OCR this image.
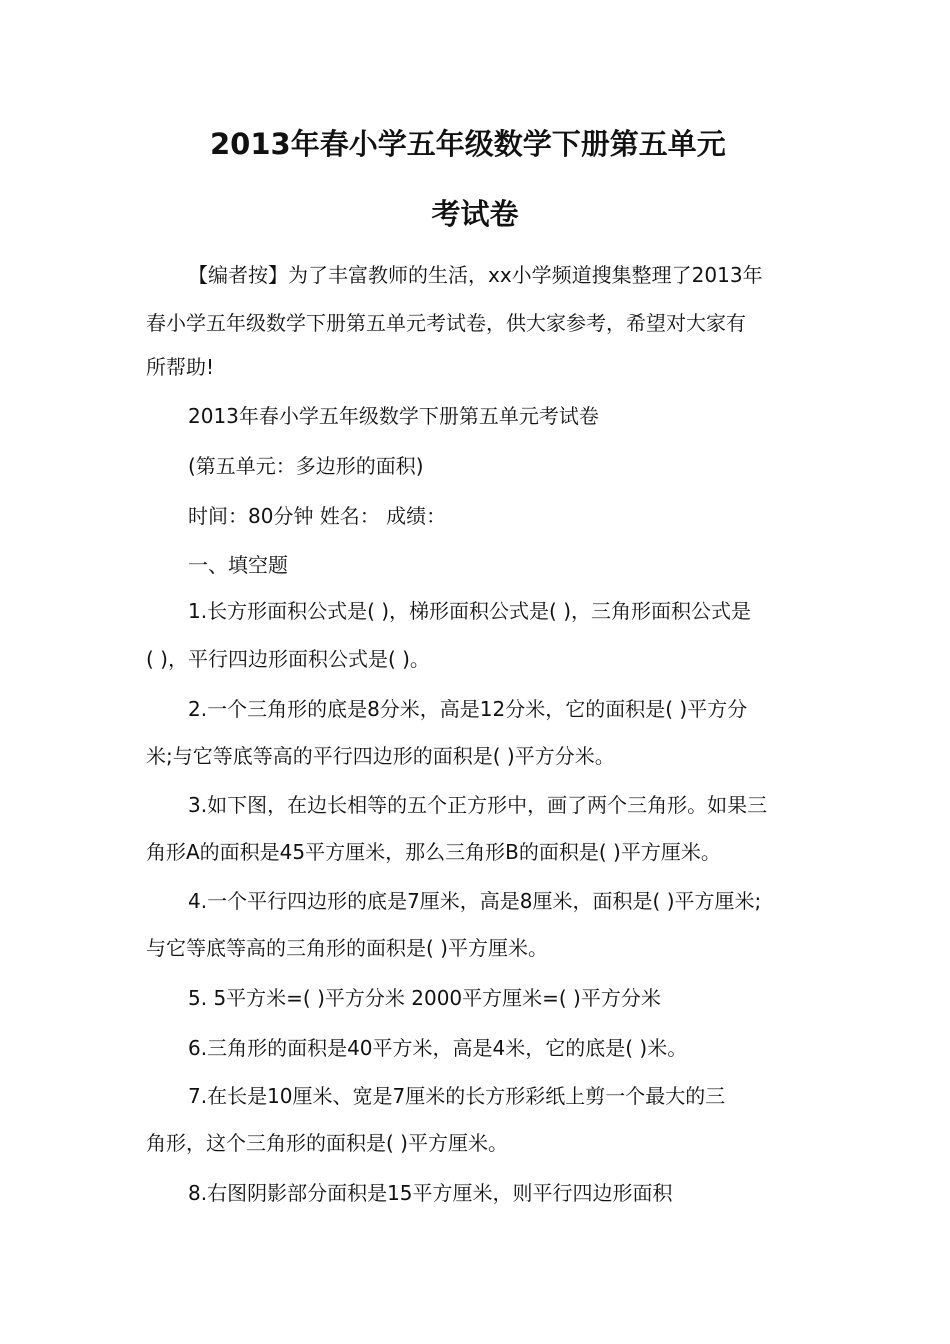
2013年春小学五年级数学下册第五单元
考试卷
【编者按】为了丰富教师的生活，xx小学频道搜集整理了2013年
春小学五年级数学下册第五单元考试卷，供大家参考，希望对大家有
所帮助!
2013年春小学五年级数学下册第五单元考试卷
(第五单元：多边形的面积)
时间：80分钟 姓名： 成绩：
一、填空题
1.长方形面积公式是( )，梯形面积公式是( )，三角形面积公式是
( )，平行四边形面积公式是( )。
2.一个三角形的底是8分米，高是12分米，它的面积是( )平方分
米;与它等底等高的平行四边形的面积是( )平方分米。
3.如下图，在边长相等的五个正方形中，画了两个三角形。如果三
角形A的面积是45平方厘米，那么三角形B的面积是( )平方厘米。
4.一个平行四边形的底是7厘米，高是8厘米，面积是( )平方厘米;
与它等底等高的三角形的面积是( )平方厘米。
5. 5平方米=( )平方分米 2000平方厘米=( )平方分米
6.三角形的面积是40平方米，高是4米，它的底是( )米。
7.在长是10厘米、宽是7厘米的长方形彩纸上剪一个最大的三
角形，这个三角形的面积是( )平方厘米。
8.右图阴影部分面积是15平方厘米，则平行四边形面积
